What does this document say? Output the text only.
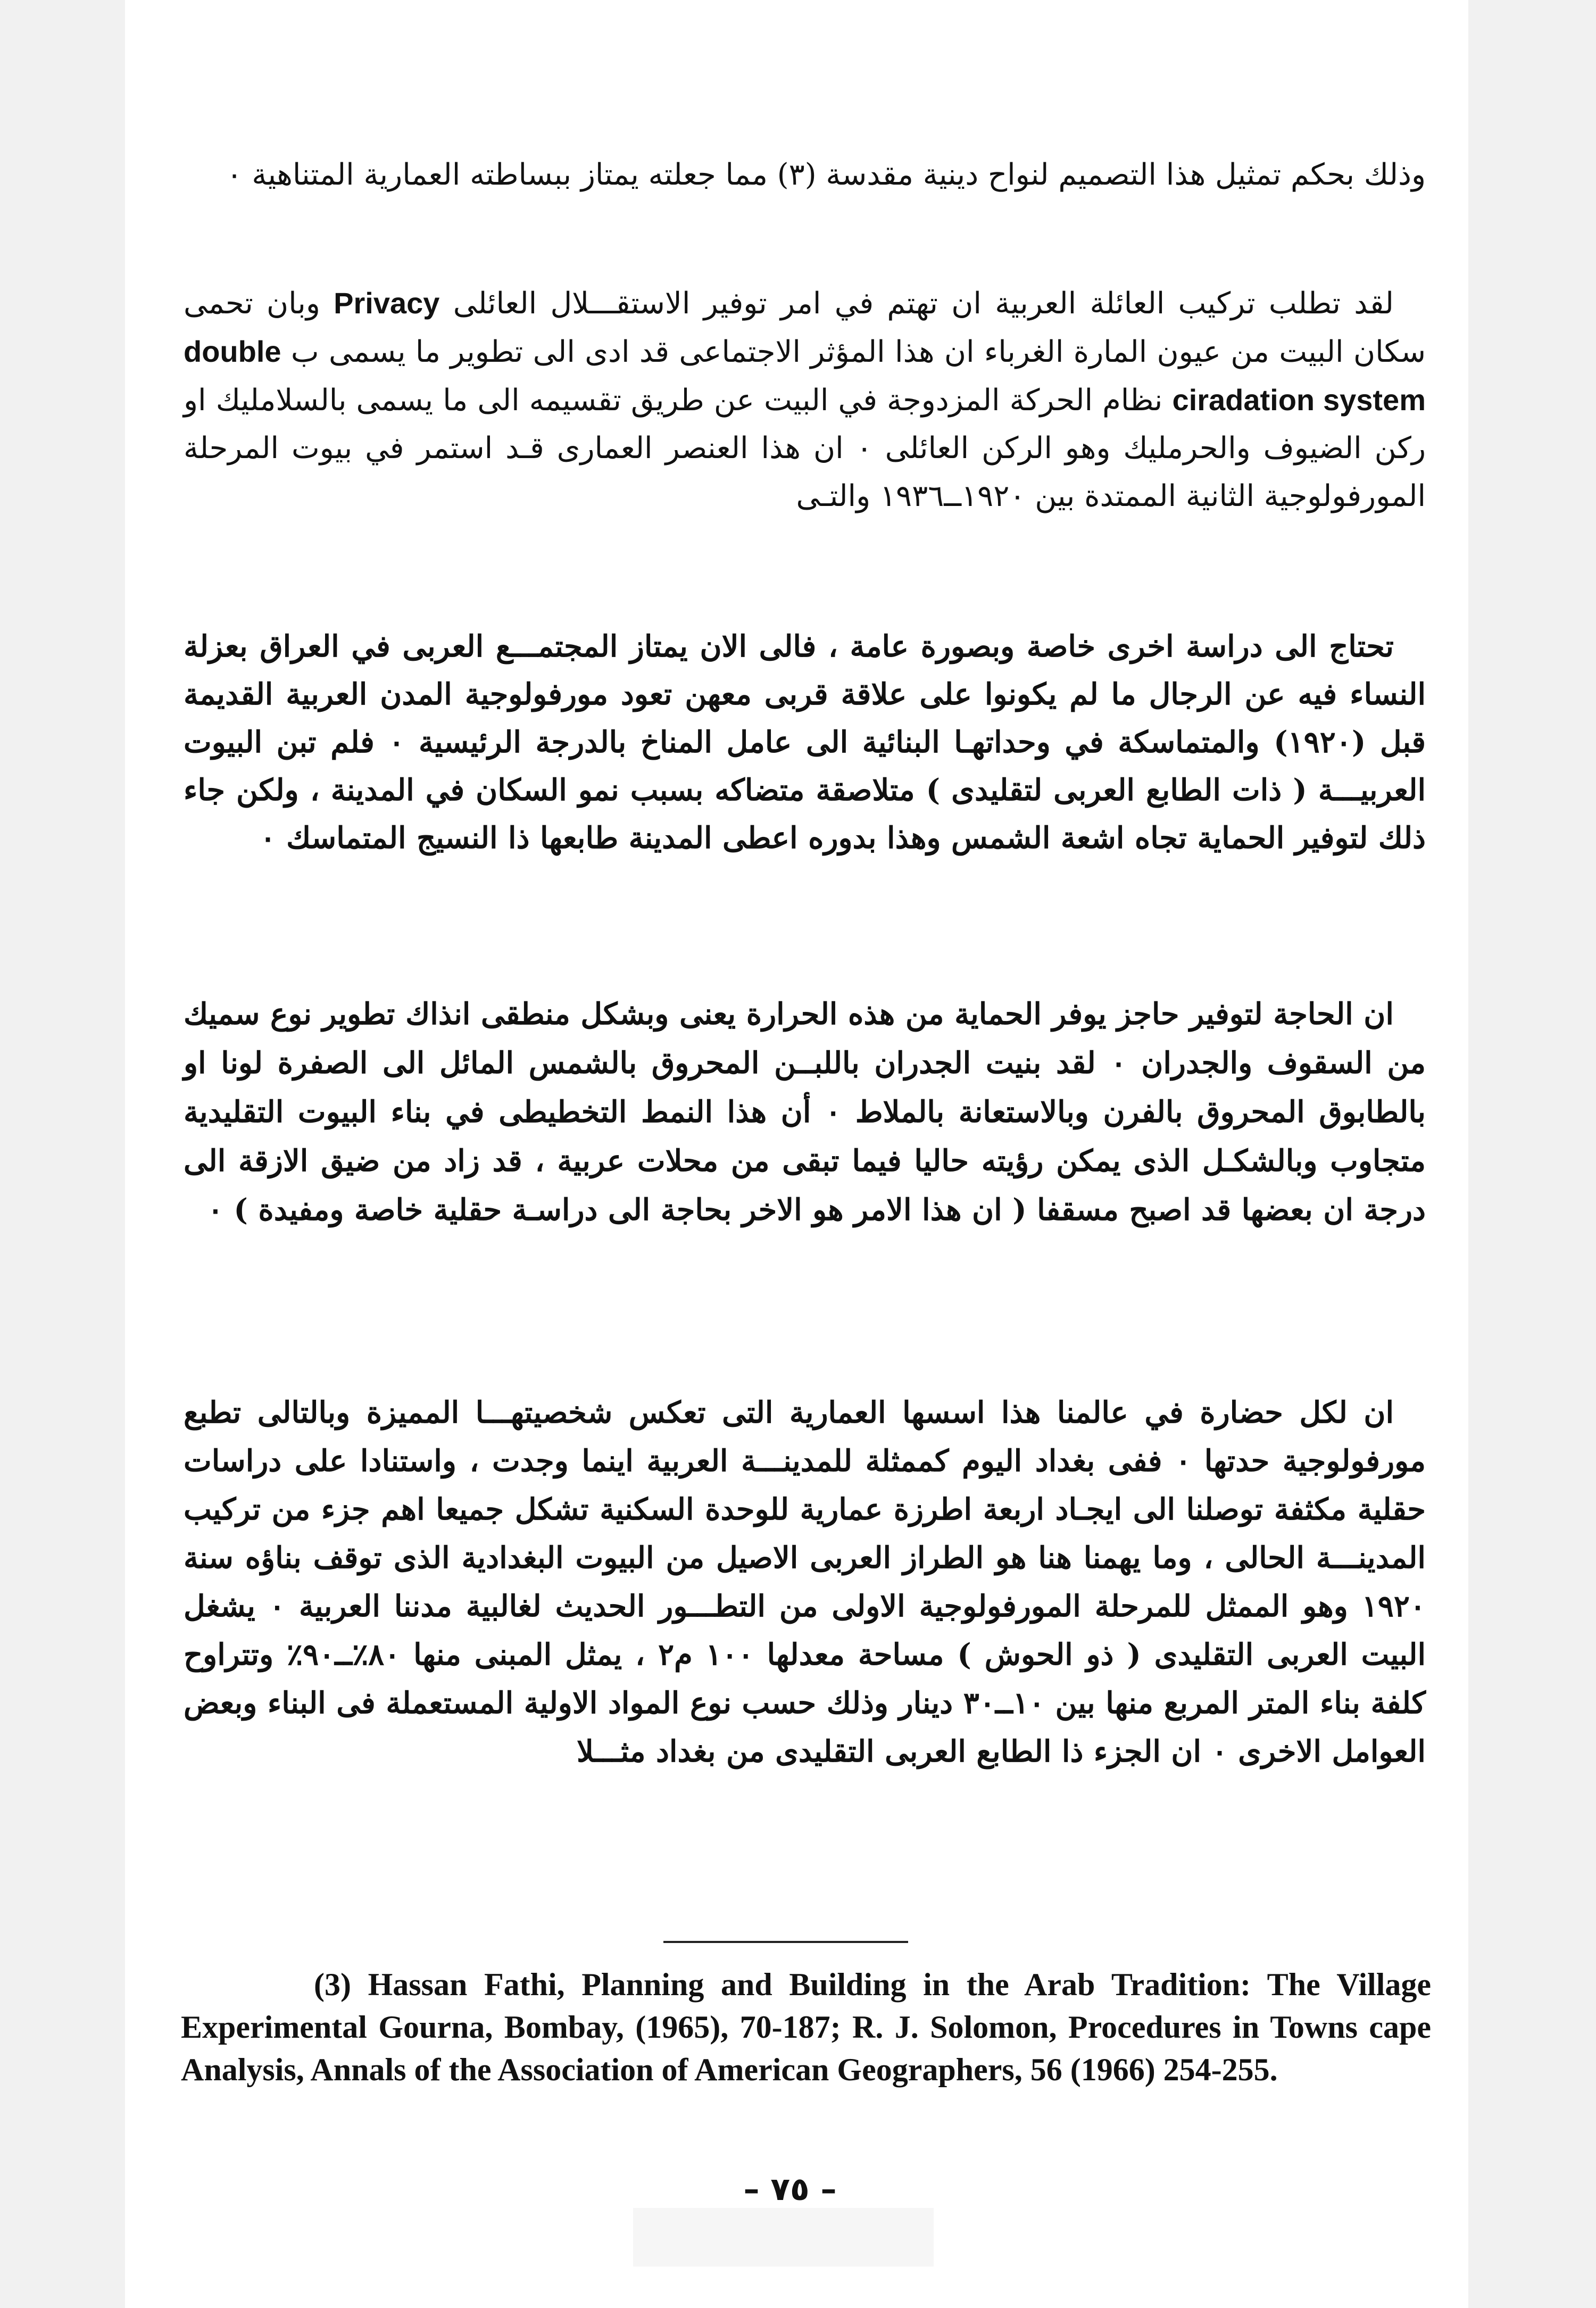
وذلك بحكم تمثيل هذا التصميم لنواح دينية مقدسة (٣) مما جعلته يمتاز ببساطته العمارية المتناهية ٠

لقد تطلب تركيب العائلة العربية ان تهتم في امر توفير الاستقـــلال العائلى Privacy وبان تحمى سكان البيت من عيون المارة الغرباء ان هذا المؤثر الاجتماعى قد ادى الى تطوير ما يسمى ب double ciradation system نظام الحركة المزدوجة في البيت عن طريق تقسيمه الى ما يسمى بالسلامليك او ركن الضيوف والحرمليك وهو الركن العائلى ٠ ان هذا العنصر العمارى قـد استمر في بيوت المرحلة المورفولوجية الثانية الممتدة بين ١٩٢٠ــ١٩٣٦ والتـى

تحتاج الى دراسة اخرى خاصة وبصورة عامة ، فالى الان يمتاز المجتمـــع العربى في العراق بعزلة النساء فيه عن الرجال ما لم يكونوا على علاقة قربى معهن تعود مورفولوجية المدن العربية القديمة قبل (١٩٢٠) والمتماسكة في وحداتهـا البنائية الى عامل المناخ بالدرجة الرئيسية ٠ فلم تبن البيوت العربيـــة ( ذات الطابع العربى لتقليدى ) متلاصقة متضاكه بسبب نمو السكان في المدينة ، ولكن جاء ذلك لتوفير الحماية تجاه اشعة الشمس وهذا بدوره اعطى المدينة طابعها ذا النسيج المتماسك ٠

ان الحاجة لتوفير حاجز يوفر الحماية من هذه الحرارة يعنى وبشكل منطقى انذاك تطوير نوع سميك من السقوف والجدران ٠ لقد بنيت الجدران باللبــن المحروق بالشمس المائل الى الصفرة لونا او بالطابوق المحروق بالفرن وبالاستعانة بالملاط ٠ أن هذا النمط التخطيطى في بناء البيوت التقليدية متجاوب وبالشكـل الذى يمكن رؤيته حاليا فيما تبقى من محلات عربية ، قد زاد من ضيق الازقة الى درجة ان بعضها قد اصبح مسقفا ( ان هذا الامر هو الاخر بحاجة الى دراسـة حقلية خاصة ومفيدة ) ٠

ان لكل حضارة في عالمنا هذا اسسها العمارية التى تعكس شخصيتهـــا المميزة وبالتالى تطبع مورفولوجية حدتها ٠ ففى بغداد اليوم كممثلة للمدينـــة العربية اينما وجدت ، واستنادا على دراسات حقلية مكثفة توصلنا الى ايجـاد اربعة اطرزة عمارية للوحدة السكنية تشكل جميعا اهم جزء من تركيب المدينـــة الحالى ، وما يهمنا هنا هو الطراز العربى الاصيل من البيوت البغدادية الذى توقف بناؤه سنة ١٩٢٠ وهو الممثل للمرحلة المورفولوجية الاولى من التطـــور الحديث لغالبية مدننا العربية ٠ يشغل البيت العربى التقليدى ( ذو الحوش ) مساحة معدلها ١٠٠ م٢ ، يمثل المبنى منها ٨٠٪ــ٩٠٪ وتتراوح كلفة بناء المتر المربع منها بين ١٠ــ٣٠ دينار وذلك حسب نوع المواد الاولية المستعملة فى البناء وبعض العوامل الاخرى ٠ ان الجزء ذا الطابع العربى التقليدى من بغداد مثـــلا

(3) Hassan Fathi, Planning and Building in the Arab Tradition: The Village Experimental Gourna, Bombay, (1965), 70-187; R. J. Solomon, Procedures in Towns cape Analysis, Annals of the Association of American Geographers, 56 (1966) 254-255.

– ٧٥ –
